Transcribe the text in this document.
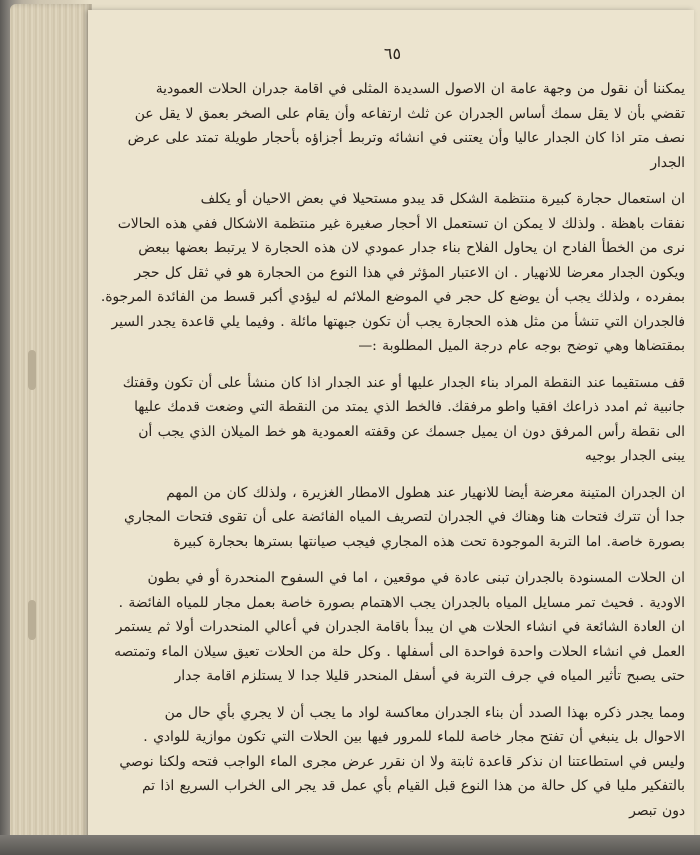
٦٥
يمكننا أن نقول من وجهة عامة ان الاصول السديدة المثلى في اقامة جدران الحلات العمودية
تقضي بأن لا يقل سمك أساس الجدران عن ثلث ارتفاعه وأن يقام على الصخر بعمق لا يقل عن
نصف متر اذا كان الجدار عاليا وأن يعتنى في انشائه وتربط أجزاؤه بأحجار طويلة تمتد على عرض
الجدار
ان استعمال حجارة كبيرة منتظمة الشكل قد يبدو مستحيلا في بعض الاحيان أو يكلف
نفقات باهظة . ولذلك لا يمكن ان تستعمل الا أحجار صغيرة غير منتظمة الاشكال ففي هذه الحالات
نرى من الخطأ الفادح ان يحاول الفلاح بناء جدار عمودي لان هذه الحجارة لا يرتبط بعضها ببعض
ويكون الجدار معرضا للانهيار . ان الاعتبار المؤثر في هذا النوع من الحجارة هو في ثقل كل حجر
بمفرده ، ولذلك يجب أن يوضع كل حجر في الموضع الملائم له ليؤدي أكبر قسط من الفائدة المرجوة.
فالجدران التي تنشأ من مثل هذه الحجارة يجب أن تكون جبهتها مائلة . وفيما يلي قاعدة يجدر السير
بمقتضاها وهي توضح بوجه عام درجة الميل المطلوبة :—
قف مستقيما عند النقطة المراد بناء الجدار عليها أو عند الجدار اذا كان منشأ على أن تكون وقفتك
جانبية ثم امدد ذراعك افقيا واطو مرفقك. فالخط الذي يمتد من النقطة التي وضعت قدمك عليها
الى نقطة رأس المرفق دون ان يميل جسمك عن وقفته العمودية هو خط الميلان الذي يجب أن
يبنى الجدار بوجيه
ان الجدران المتينة معرضة أيضا للانهيار عند هطول الامطار الغزيرة ، ولذلك كان من المهم
جدا أن تترك فتحات هنا وهناك في الجدران لتصريف المياه الفائضة على أن تقوى فتحات المجاري
بصورة خاصة. اما التربة الموجودة تحت هذه المجاري فيجب صيانتها بسترها بحجارة كبيرة
ان الحلات المسنودة بالجدران تبنى عادة في موقعين ، اما في السفوح المنحدرة أو في بطون
الاودية . فحيث تمر مسايل المياه بالجدران يجب الاهتمام بصورة خاصة بعمل مجار للمياه الفائضة .
ان العادة الشائعة في انشاء الحلات هي ان يبدأ باقامة الجدران في أعالي المنحدرات أولا ثم يستمر
العمل في انشاء الحلات واحدة فواحدة الى أسفلها . وكل حلة من الحلات تعيق سيلان الماء وتمتصه
حتى يصبح تأثير المياه في جرف التربة في أسفل المنحدر قليلا جدا لا يستلزم اقامة جدار
ومما يجدر ذكره بهذا الصدد أن بناء الجدران معاكسة لواد ما يجب أن لا يجري بأي حال من
الاحوال بل ينبغي أن تفتح مجار خاصة للماء للمرور فيها بين الحلات التي تكون موازية للوادي .
وليس في استطاعتنا ان نذكر قاعدة ثابتة ولا ان نقرر عرض مجرى الماء الواجب فتحه ولكنا نوصي
بالتفكير مليا في كل حالة من هذا النوع قبل القيام بأي عمل قد يجر الى الخراب السريع اذا تم
دون تبصر
